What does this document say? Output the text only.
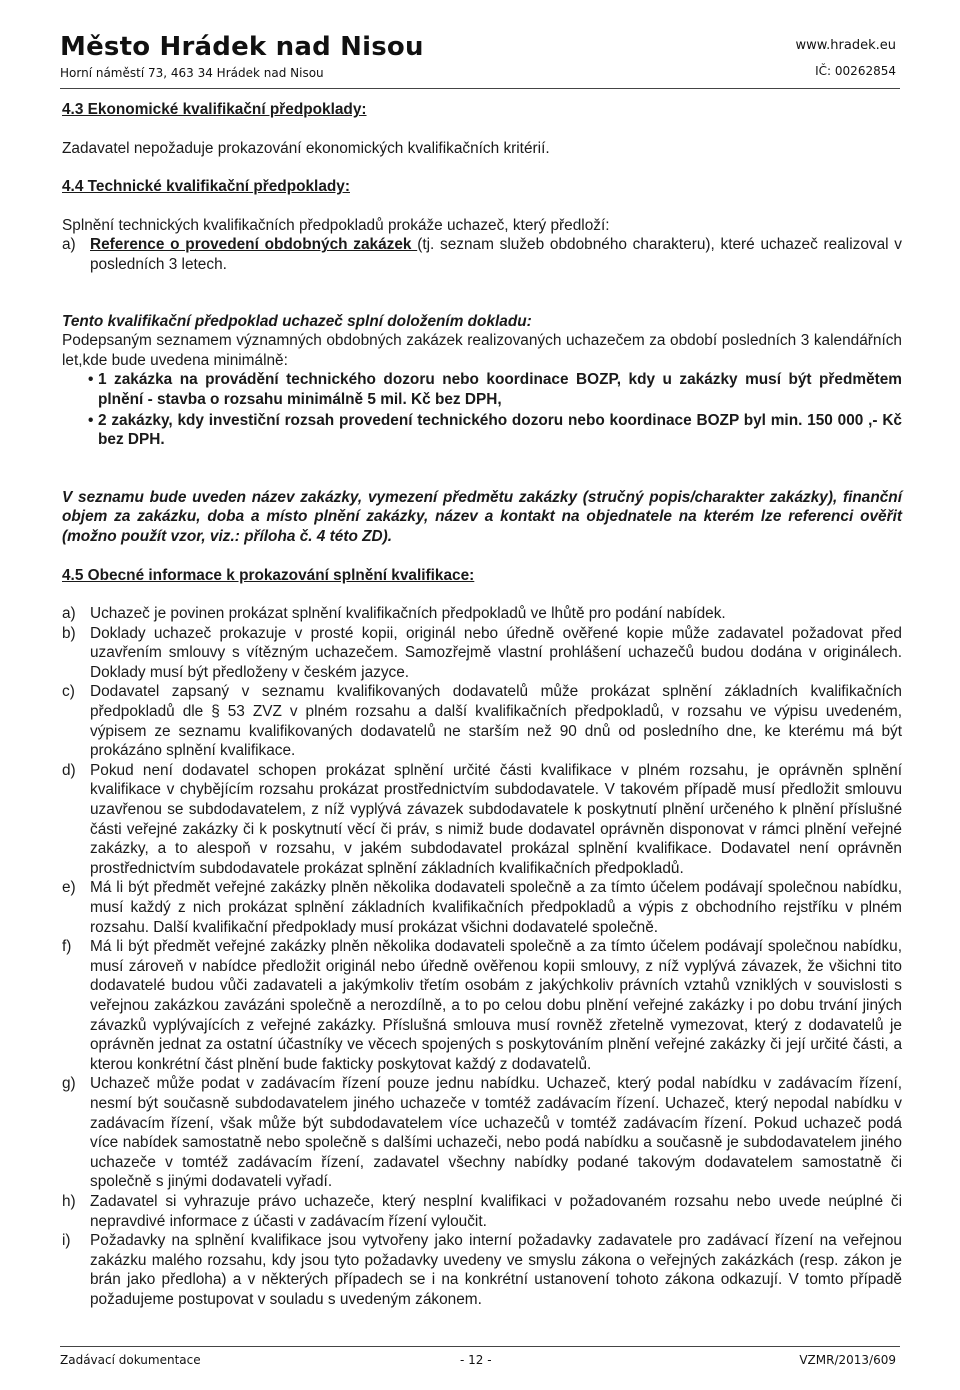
Město Hrádek nad Nisou
Horní náměstí 73, 463 34 Hrádek nad Nisou
www.hradek.eu
IČ: 00262854

4.3 Ekonomické kvalifikační předpoklady:

Zadavatel nepožaduje prokazování ekonomických kvalifikačních kritérií.

4.4 Technické kvalifikační předpoklady:

Splnění technických kvalifikačních předpokladů prokáže uchazeč, který předloží:

a) Reference o provedení obdobných zakázek (tj. seznam služeb obdobného charakteru), které uchazeč realizoval v posledních 3 letech.

Tento kvalifikační předpoklad uchazeč splní doložením dokladu:

Podepsaným seznamem významných obdobných zakázek realizovaných uchazečem za období posledních 3 kalendářních let,kde bude uvedena minimálně:

• 1 zakázka na provádění technického dozoru nebo koordinace BOZP, kdy u zakázky musí být předmětem plnění - stavba o rozsahu minimálně 5 mil. Kč bez DPH,
• 2 zakázky, kdy investiční rozsah provedení technického dozoru nebo koordinace BOZP byl min. 150 000 ,- Kč bez DPH.

V seznamu bude uveden název zakázky, vymezení předmětu zakázky (stručný popis/charakter zakázky), finanční objem za zakázku, doba a místo plnění zakázky, název a kontakt na objednatele na kterém lze referenci ověřit (možno použít vzor, viz.: příloha č. 4 této ZD).

4.5 Obecné informace k prokazování splnění kvalifikace:

a) Uchazeč je povinen prokázat splnění kvalifikačních předpokladů ve lhůtě pro podání nabídek.
b) Doklady uchazeč prokazuje v prosté kopii, originál nebo úředně ověřené kopie může zadavatel požadovat před uzavřením smlouvy s vítězným uchazečem. Samozřejmě vlastní prohlášení uchazečů budou dodána v originálech. Doklady musí být předloženy v českém jazyce.
c) Dodavatel zapsaný v seznamu kvalifikovaných dodavatelů může prokázat splnění základních kvalifikačních předpokladů dle § 53 ZVZ v plném rozsahu a další kvalifikačních předpokladů, v rozsahu ve výpisu uvedeném, výpisem ze seznamu kvalifikovaných dodavatelů ne starším než 90 dnů od posledního dne, ke kterému má být prokázáno splnění kvalifikace.
d) Pokud není dodavatel schopen prokázat splnění určité části kvalifikace v plném rozsahu, je oprávněn splnění kvalifikace v chybějícím rozsahu prokázat prostřednictvím subdodavatele. V takovém případě musí předložit smlouvu uzavřenou se subdodavatelem, z níž vyplývá závazek subdodavatele k poskytnutí plnění určeného k plnění příslušné části veřejné zakázky či k poskytnutí věcí či práv, s nimiž bude dodavatel oprávněn disponovat v rámci plnění veřejné zakázky, a to alespoň v rozsahu, v jakém subdodavatel prokázal splnění kvalifikace. Dodavatel není oprávněn prostřednictvím subdodavatele prokázat splnění základních kvalifikačních předpokladů.
e) Má li být předmět veřejné zakázky plněn několika dodavateli společně a za tímto účelem podávají společnou nabídku, musí každý z nich prokázat splnění základních kvalifikačních předpokladů a výpis z obchodního rejstříku v plném rozsahu. Další kvalifikační předpoklady musí prokázat všichni dodavatelé společně.
f)	Má li být předmět veřejné zakázky plněn několika dodavateli společně a za tímto účelem podávají společnou nabídku, musí zároveň v nabídce předložit originál nebo úředně ověřenou kopii smlouvy, z níž vyplývá závazek, že všichni tito dodavatelé budou vůči zadavateli a jakýmkoliv třetím osobám z jakýchkoliv právních vztahů vzniklých v souvislosti s veřejnou zakázkou zavázáni společně a nerozdílně, a to po celou dobu plnění veřejné zakázky i po dobu trvání jiných závazků vyplývajících z veřejné zakázky. Příslušná smlouva musí rovněž zřetelně vymezovat, který z dodavatelů je oprávněn jednat za ostatní účastníky ve věcech spojených s poskytováním plnění veřejné zakázky či její určité části, a kterou konkrétní část plnění bude fakticky poskytovat každý z dodavatelů.
g) Uchazeč může podat v zadávacím řízení pouze jednu nabídku. Uchazeč, který podal nabídku v zadávacím řízení, nesmí být současně subdodavatelem jiného uchazeče v tomtéž zadávacím řízení. Uchazeč, který nepodal nabídku v zadávacím řízení, však může být subdodavatelem více uchazečů v tomtéž zadávacím řízení. Pokud uchazeč podá více nabídek samostatně nebo společně s dalšími uchazeči, nebo podá nabídku a současně je subdodavatelem jiného uchazeče v tomtéž zadávacím řízení, zadavatel všechny nabídky podané takovým dodavatelem samostatně či společně s jinými dodavateli vyřadí.
h) Zadavatel si vyhrazuje právo uchazeče, který nesplní kvalifikaci v požadovaném rozsahu nebo uvede neúplné či nepravdivé informace z účasti v zadávacím řízení vyloučit.
i)	Požadavky na splnění kvalifikace jsou vytvořeny jako interní požadavky zadavatele pro zadávací řízení na veřejnou zakázku malého rozsahu, kdy jsou tyto požadavky uvedeny ve smyslu zákona o veřejných zakázkách (resp. zákon je brán jako předloha) a v některých případech se i na konkrétní ustanovení tohoto zákona odkazují. V tomto případě požadujeme postupovat v souladu s uvedeným zákonem.
Zadávací dokumentace	- 12 -	VZMR/2013/609
